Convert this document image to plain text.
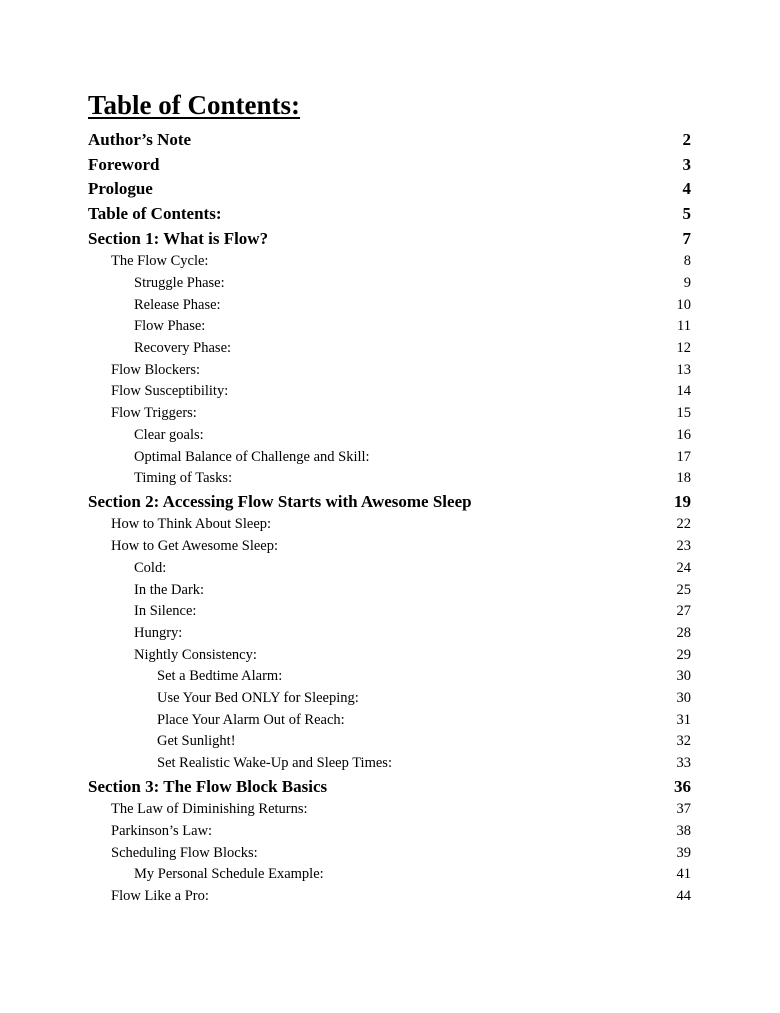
Table of Contents:
Author’s Note	2
Foreword	3
Prologue	4
Table of Contents:	5
Section 1: What is Flow?	7
The Flow Cycle:	8
Struggle Phase:	9
Release Phase:	10
Flow Phase:	11
Recovery Phase:	12
Flow Blockers:	13
Flow Susceptibility:	14
Flow Triggers:	15
Clear goals:	16
Optimal Balance of Challenge and Skill:	17
Timing of Tasks:	18
Section 2: Accessing Flow Starts with Awesome Sleep	19
How to Think About Sleep:	22
How to Get Awesome Sleep:	23
Cold:	24
In the Dark:	25
In Silence:	27
Hungry:	28
Nightly Consistency:	29
Set a Bedtime Alarm:	30
Use Your Bed ONLY for Sleeping:	30
Place Your Alarm Out of Reach:	31
Get Sunlight!	32
Set Realistic Wake-Up and Sleep Times:	33
Section 3: The Flow Block Basics	36
The Law of Diminishing Returns:	37
Parkinson’s Law:	38
Scheduling Flow Blocks:	39
My Personal Schedule Example:	41
Flow Like a Pro:	44
